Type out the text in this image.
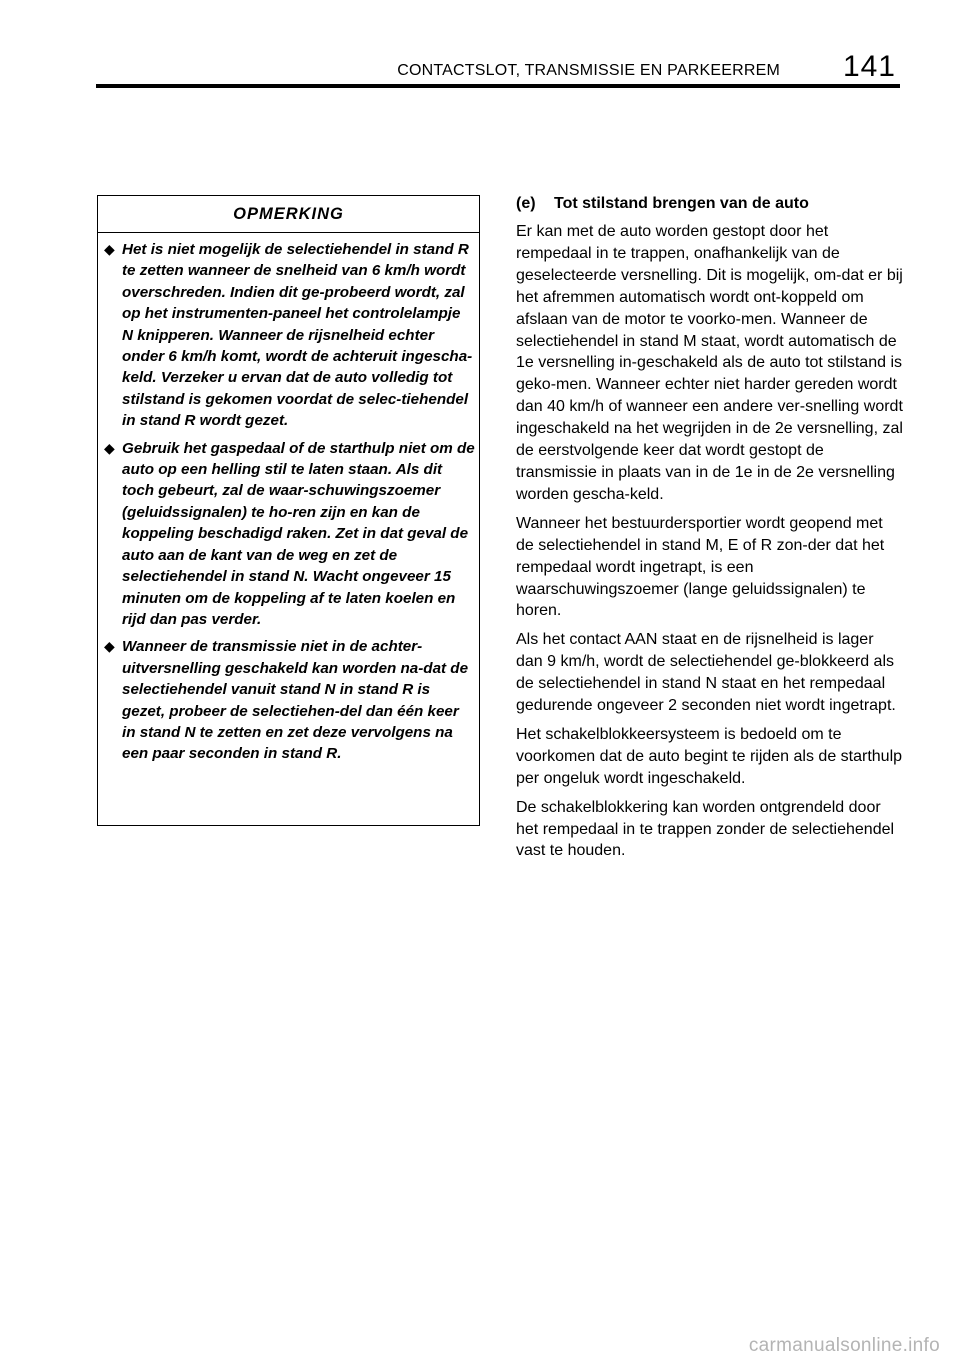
CONTACTSLOT, TRANSMISSIE EN PARKEERREM 141
OPMERKING
◆ Het is niet mogelijk de selectiehendel in stand R te zetten wanneer de snelheid van 6 km/h wordt overschreden. Indien dit ge-probeerd wordt, zal op het instrumenten-paneel het controlelampje N knipperen. Wanneer de rijsnelheid echter onder 6 km/h komt, wordt de achteruit ingescha-keld. Verzeker u ervan dat de auto volledig tot stilstand is gekomen voordat de selec-tiehendel in stand R wordt gezet.
◆ Gebruik het gaspedaal of de starthulp niet om de auto op een helling stil te laten staan. Als dit toch gebeurt, zal de waar-schuwingszoemer (geluidssignalen) te ho-ren zijn en kan de koppeling beschadigd raken. Zet in dat geval de auto aan de kant van de weg en zet de selectiehendel in stand N. Wacht ongeveer 15 minuten om de koppeling af te laten koelen en rijd dan pas verder.
◆ Wanneer de transmissie niet in de achter-uitversnelling geschakeld kan worden na-dat de selectiehendel vanuit stand N in stand R is gezet, probeer de selectiehen-del dan één keer in stand N te zetten en zet deze vervolgens na een paar seconden in stand R.
(e) Tot stilstand brengen van de auto

Er kan met de auto worden gestopt door het rempedaal in te trappen, onafhankelijk van de geselecteerde versnelling. Dit is mogelijk, om-dat er bij het afremmen automatisch wordt ont-koppeld om afslaan van de motor te voorko-men. Wanneer de selectiehendel in stand M staat, wordt automatisch de 1e versnelling in-geschakeld als de auto tot stilstand is geko-men. Wanneer echter niet harder gereden wordt dan 40 km/h of wanneer een andere ver-snelling wordt ingeschakeld na het wegrijden in de 2e versnelling, zal de eerstvolgende keer dat wordt gestopt de transmissie in plaats van in de 1e in de 2e versnelling worden gescha-keld.

Wanneer het bestuurdersportier wordt geopend met de selectiehendel in stand M, E of R zon-der dat het rempedaal wordt ingetrapt, is een waarschuwingszoemer (lange geluidssignalen) te horen.

Als het contact AAN staat en de rijsnelheid is lager dan 9 km/h, wordt de selectiehendel ge-blokkeerd als de selectiehendel in stand N staat en het rempedaal gedurende ongeveer 2 seconden niet wordt ingetrapt.

Het schakelblokkeersysteem is bedoeld om te voorkomen dat de auto begint te rijden als de starthulp per ongeluk wordt ingeschakeld.

De schakelblokkering kan worden ontgrendeld door het rempedaal in te trappen zonder de selectiehendel vast te houden.

carmanualsonline.info
